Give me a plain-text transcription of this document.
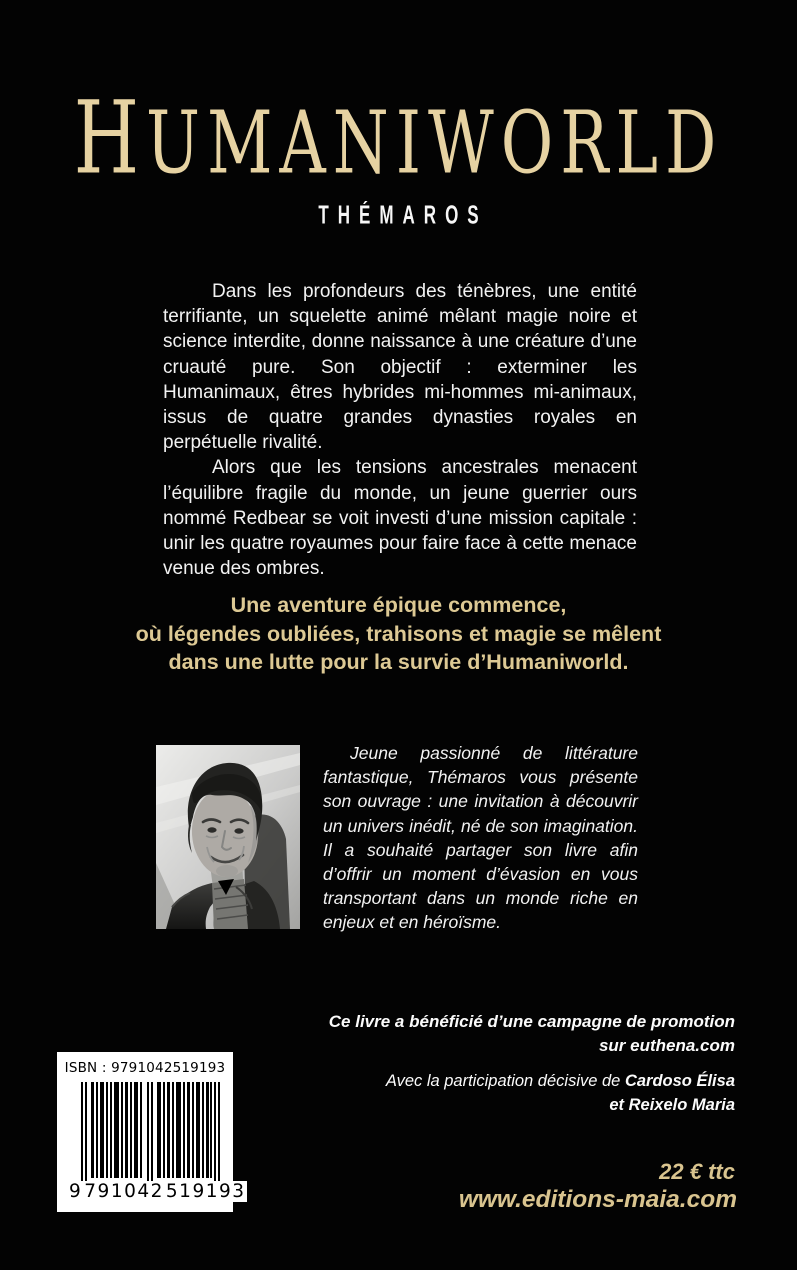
HUMANIWORLD
THÉMAROS

Dans les profondeurs des ténèbres, une entité terrifiante, un squelette animé mêlant magie noire et science interdite, donne naissance à une créature d’une cruauté pure. Son objectif : exterminer les Humanimaux, êtres hybrides mi-hommes mi-animaux, issus de quatre grandes dynasties royales en perpétuelle rivalité.

Alors que les tensions ancestrales menacent l’équilibre fragile du monde, un jeune guerrier ours nommé Redbear se voit investi d’une mission capitale : unir les quatre royaumes pour faire face à cette menace venue des ombres.

Une aventure épique commence,
où légendes oubliées, trahisons et magie se mêlent
dans une lutte pour la survie d’Humaniworld.

Jeune passionné de littérature fantastique, Thémaros vous présente son ouvrage : une invitation à découvrir un univers inédit, né de son imagination. Il a souhaité partager son livre afin d’offrir un moment d’évasion en vous transportant dans un monde riche en enjeux et en héroïsme.

Ce livre a bénéficié d’une campagne de promotion
sur euthena.com
Avec la participation décisive de Cardoso Élisa
et Reixelo Maria
ISBN : 9791042519193
9 791042 519193
22 € ttc
www.editions-maia.com
